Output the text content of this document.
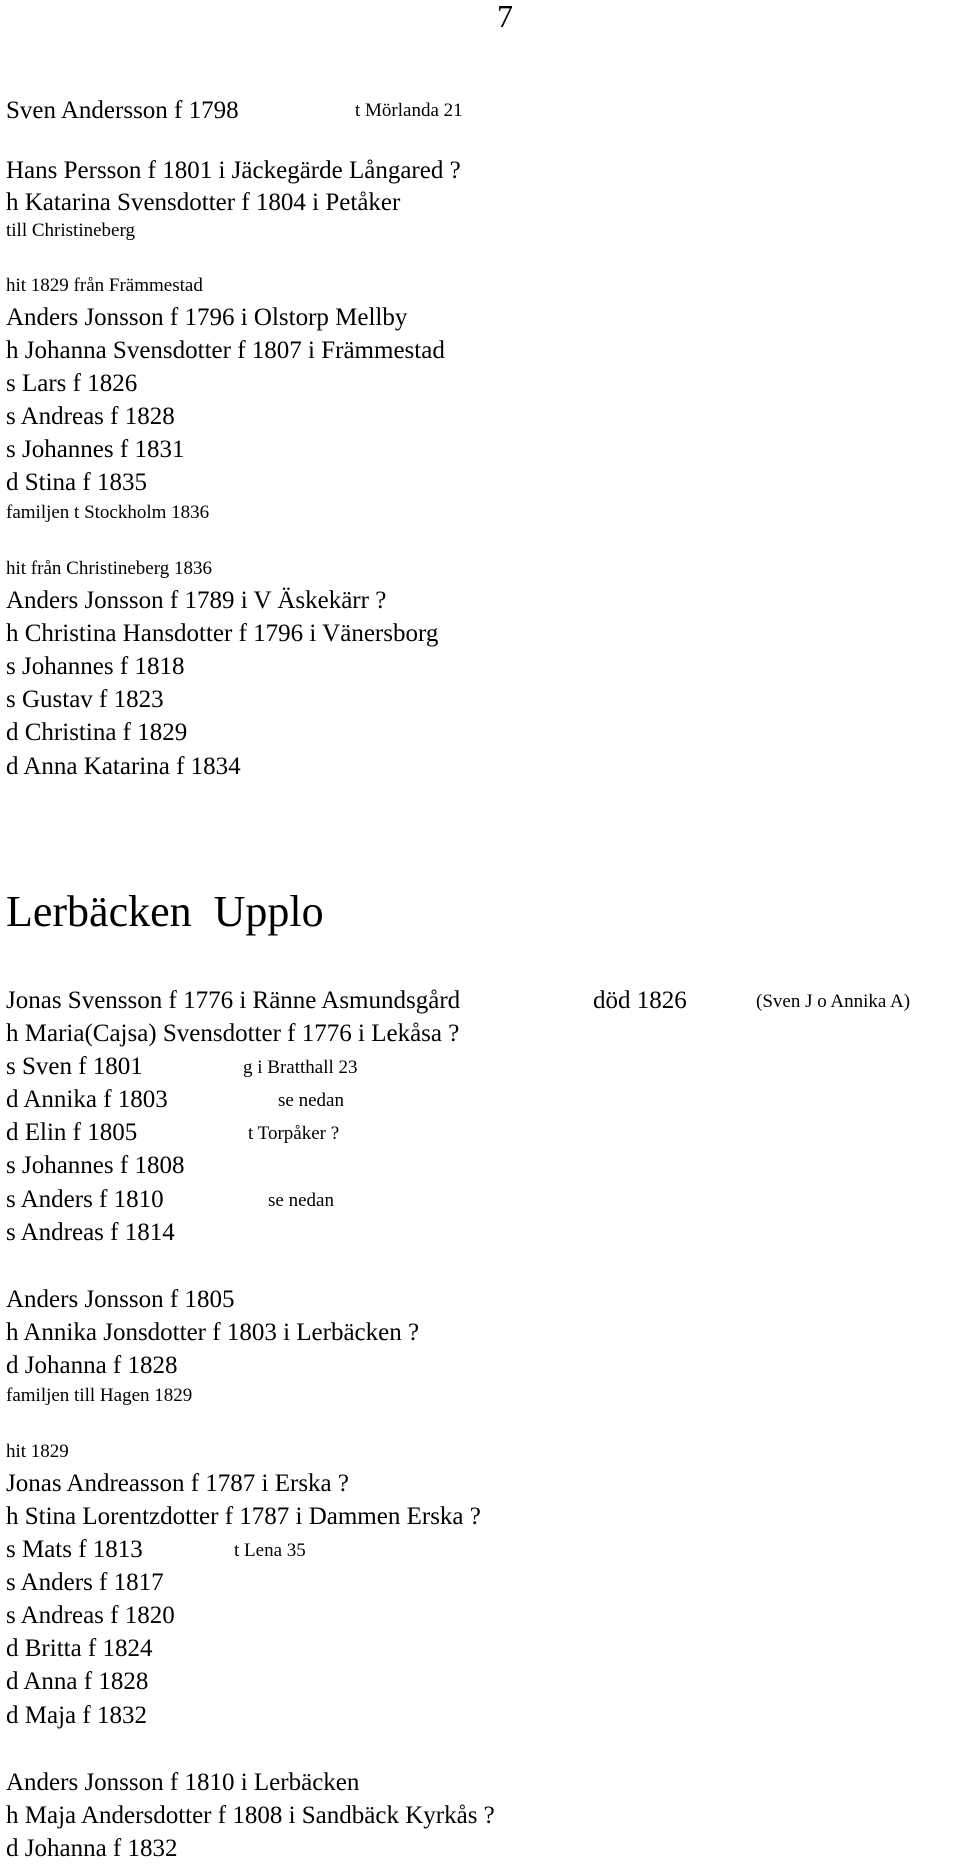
7
Sven Andersson f 1798	t Mörlanda 21
Hans Persson f 1801 i Jäckegärde Långared ?
h Katarina Svensdotter f 1804 i Petåker
till Christineberg
hit 1829 från Främmestad
Anders Jonsson f 1796 i Olstorp Mellby
h Johanna Svensdotter f 1807 i Främmestad
s Lars f 1826
s Andreas f 1828
s Johannes f 1831
d Stina f 1835
familjen t Stockholm 1836
hit från Christineberg 1836
Anders Jonsson f 1789 i V Äskekärr ?
h Christina Hansdotter f 1796 i Vänersborg
s Johannes f 1818
s Gustav f 1823
d Christina f 1829
d Anna Katarina f 1834
Lerbäcken  Upplo
Jonas Svensson f 1776 i Ränne Asmundsgård	död 1826	(Sven J o Annika A)
h Maria(Cajsa) Svensdotter f 1776 i Lekåsa ?
s Sven f 1801	g i Bratthall 23
d Annika f 1803	se nedan
d Elin f 1805	t Torpåker ?
s Johannes f 1808
s Anders f 1810	se nedan
s Andreas f 1814
Anders Jonsson f 1805
h Annika Jonsdotter f 1803 i Lerbäcken ?
d Johanna f 1828
familjen till Hagen 1829
hit 1829
Jonas Andreasson f 1787 i Erska ?
h Stina Lorentzdotter f 1787 i Dammen Erska ?
s Mats f 1813	t Lena 35
s Anders f 1817
s Andreas f 1820
d Britta f 1824
d Anna f 1828
d Maja f 1832
Anders Jonsson f 1810 i Lerbäcken
h Maja Andersdotter f 1808 i Sandbäck Kyrkås ?
d Johanna f 1832
